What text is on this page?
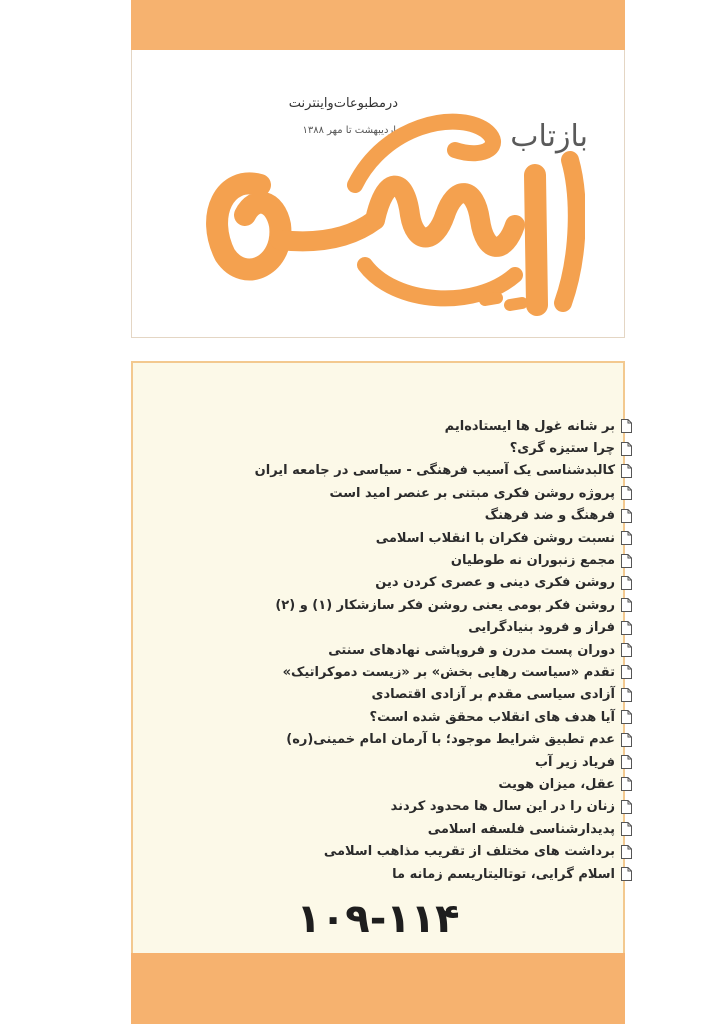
درمطبوعات‌واینترنت
اردیبهشت تا مهر ۱۳۸۸	بازتاب
بر شانه غول ها ایستاده‌ایم
چرا ستیزه گری؟
کالبدشناسی یک آسیب فرهنگی - سیاسی در جامعه ایران
پروژه روشن فکری مبتنی بر عنصر امید است
فرهنگ و ضد فرهنگ
نسبت روشن فکران با انقلاب اسلامی
مجمع زنبوران نه طوطیان
روشن فکری دینی و عصری کردن دین
روشن فکر بومی یعنی روشن فکر سازشکار (۱) و (۲)
فراز و فرود بنیادگرایی
دوران پست مدرن و فروپاشی نهادهای سنتی
تقدم «سیاست رهایی بخش» بر «زیست دموکراتیک»
آزادی سیاسی مقدم بر آزادی اقتصادی
آیا هدف های انقلاب محقق شده است؟
عدم تطبیق شرایط موجود؛ با آرمان امام خمینی(ره)
فریاد زیر آب
عقل، میزان هویت
زنان را در این سال ها محدود کردند
پدیدارشناسی فلسفه اسلامی
برداشت های مختلف از تقریب مذاهب اسلامی
اسلام گرایی، توتالیتاریسم زمانه ما
۱۰۹-۱۱۴
